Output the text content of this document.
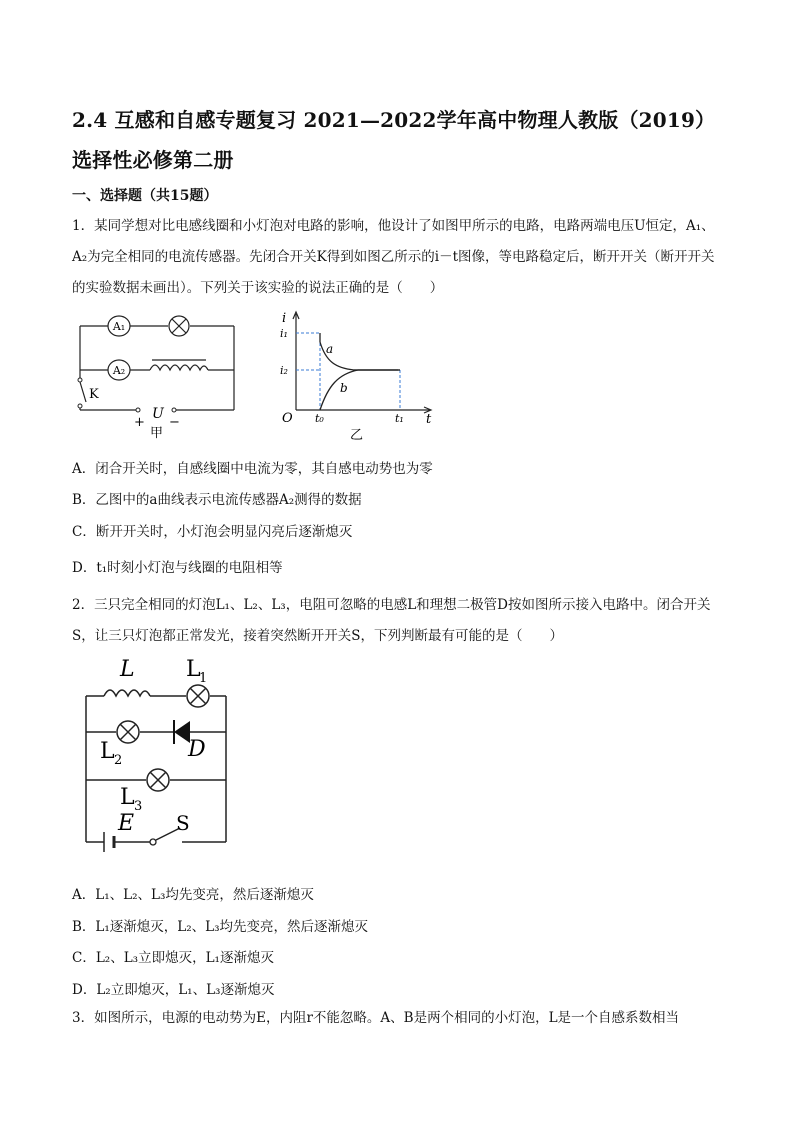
2.4 互感和自感专题复习 2021—2022学年高中物理人教版（2019）选择性必修第二册
一、选择题（共15题）
1．某同学想对比电感线圈和小灯泡对电路的影响，他设计了如图甲所示的电路，电路两端电压U恒定，A₁、A₂为完全相同的电流传感器。先闭合开关K得到如图乙所示的i－t图像，等电路稳定后，断开开关（断开开关的实验数据未画出）。下列关于该实验的说法正确的是（　　）
A₁
A₂
K
+
U
−
甲
i
i₁
i₂
O t₀	t₁ t
a
b
乙
A．闭合开关时，自感线圈中电流为零，其自感电动势也为零
B．乙图中的a曲线表示电流传感器A₂测得的数据
C．断开开关时，小灯泡会明显闪亮后逐渐熄灭
D．t₁时刻小灯泡与线圈的电阻相等
2．三只完全相同的灯泡L₁、L₂、L₃，电阻可忽略的电感L和理想二极管D按如图所示接入电路中。闭合开关S，让三只灯泡都正常发光，接着突然断开开关S，下列判断最有可能的是（　　）
L L
1
L 2	D
L 3
E S
A．L₁、L₂、L₃均先变亮，然后逐渐熄灭
B．L₁逐渐熄灭，L₂、L₃均先变亮，然后逐渐熄灭
C．L₂、L₃立即熄灭，L₁逐渐熄灭
D．L₂立即熄灭，L₁、L₃逐渐熄灭
3．如图所示，电源的电动势为E，内阻r不能忽略。A、B是两个相同的小灯泡，L是一个自感系数相当
